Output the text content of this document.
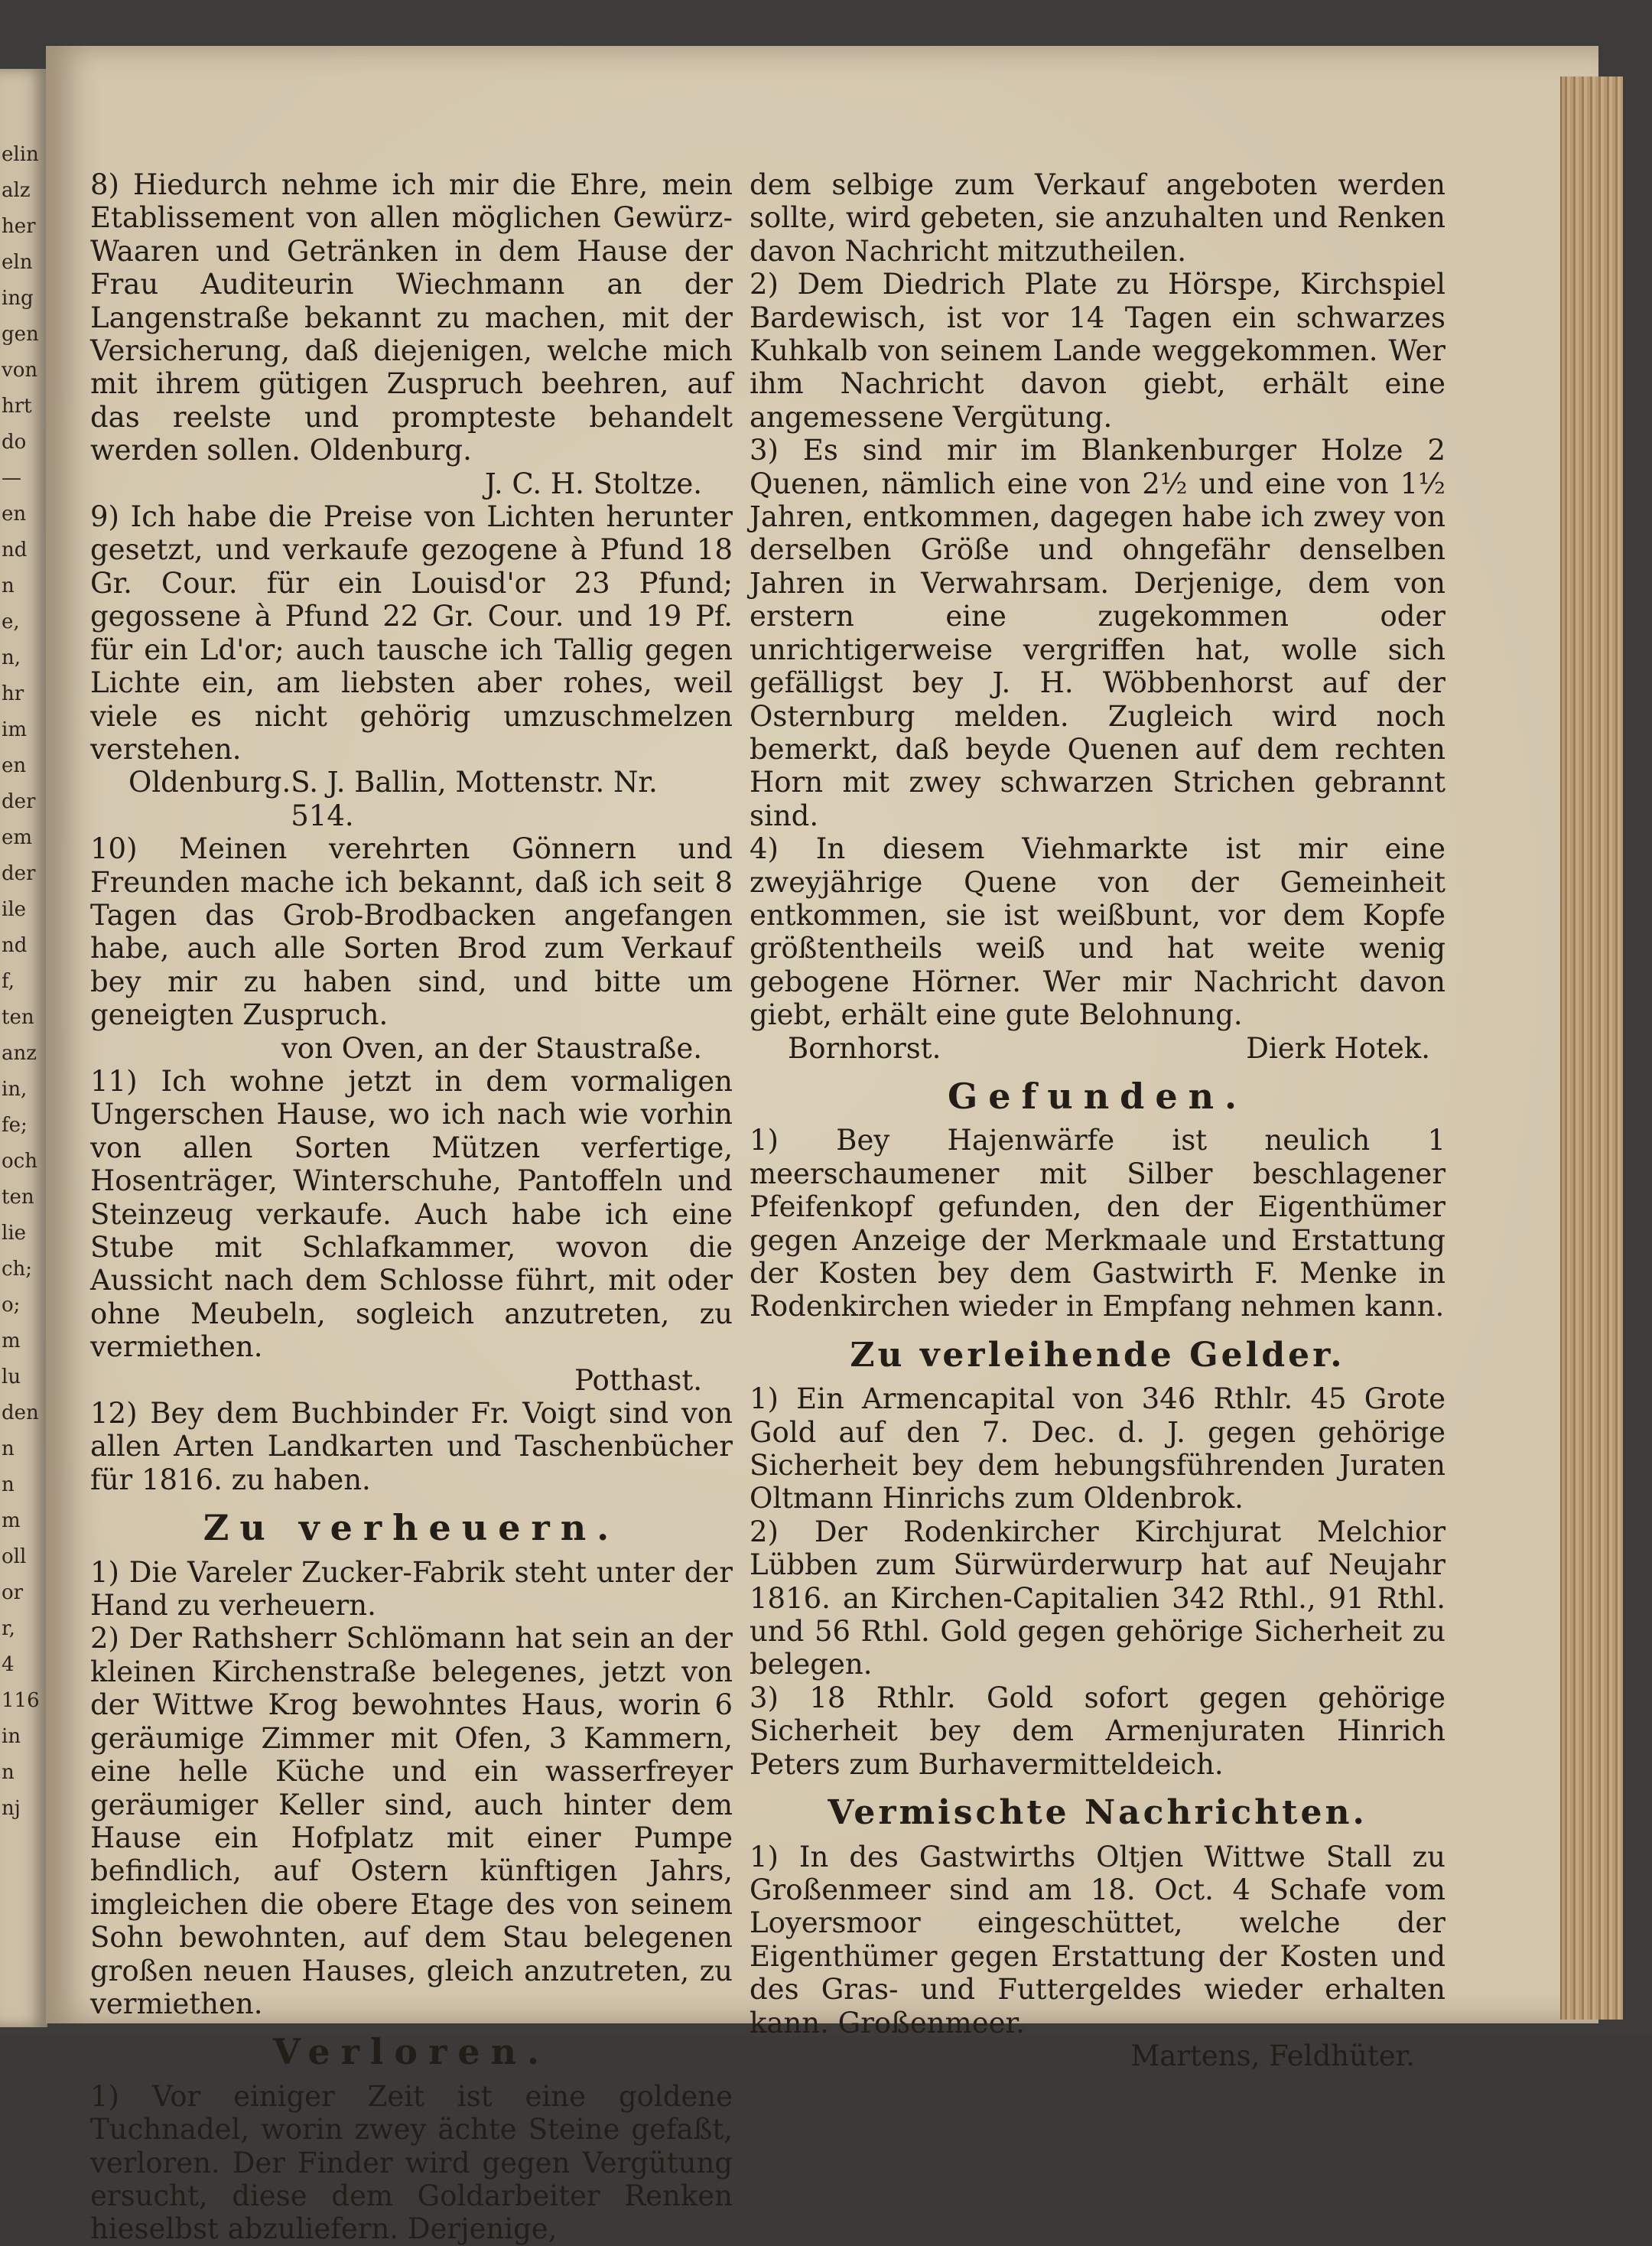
elin
alz
her
eln
ing
gen
von
hrt
do
—
en
nd
n
e,
n,
hr
im
en
der
em
der
ile
nd
f,
ten
anz
in,
fe;
och
ten
lie
ch;
o;
m
lu
den
n
n
m
oll
or
r,
4
116
in
n
nj

8) Hiedurch nehme ich mir die Ehre, mein Etablissement von allen möglichen Gewürz-Waaren und Getränken in dem Hause der Frau Auditeurin Wiechmann an der Langenstraße bekannt zu machen, mit der Versicherung, daß diejenigen, welche mich mit ihrem gütigen Zuspruch beehren, auf das reelste und prompteste behandelt werden sollen. Oldenburg.

J. C. H. Stoltze.

9) Ich habe die Preise von Lichten herunter gesetzt, und verkaufe gezogene à Pfund 18 Gr. Cour. für ein Louisd'or 23 Pfund; gegossene à Pfund 22 Gr. Cour. und 19 Pf. für ein Ld'or; auch tausche ich Tallig gegen Lichte ein, am liebsten aber rohes, weil viele es nicht gehörig umzuschmelzen verstehen.

Oldenburg. S. J. Ballin, Mottenstr. Nr. 514.

10) Meinen verehrten Gönnern und Freunden mache ich bekannt, daß ich seit 8 Tagen das Grob-Brodbacken angefangen habe, auch alle Sorten Brod zum Verkauf bey mir zu haben sind, und bitte um geneigten Zuspruch.

von Oven, an der Staustraße.

11) Ich wohne jetzt in dem vormaligen Ungerschen Hause, wo ich nach wie vorhin von allen Sorten Mützen verfertige, Hosenträger, Winterschuhe, Pantoffeln und Steinzeug verkaufe. Auch habe ich eine Stube mit Schlafkammer, wovon die Aussicht nach dem Schlosse führt, mit oder ohne Meubeln, sogleich anzutreten, zu vermiethen.

Potthast.

12) Bey dem Buchbinder Fr. Voigt sind von allen Arten Landkarten und Taschenbücher für 1816. zu haben.

Zu verheuern.

1) Die Vareler Zucker-Fabrik steht unter der Hand zu verheuern.

2) Der Rathsherr Schlömann hat sein an der kleinen Kirchenstraße belegenes, jetzt von der Wittwe Krog bewohntes Haus, worin 6 geräumige Zimmer mit Ofen, 3 Kammern, eine helle Küche und ein wasserfreyer geräumiger Keller sind, auch hinter dem Hause ein Hofplatz mit einer Pumpe befindlich, auf Ostern künftigen Jahrs, imgleichen die obere Etage des von seinem Sohn bewohnten, auf dem Stau belegenen großen neuen Hauses, gleich anzutreten, zu vermiethen.

Verloren.

1) Vor einiger Zeit ist eine goldene Tuchnadel, worin zwey ächte Steine gefaßt, verloren. Der Finder wird gegen Vergütung ersucht, diese dem Goldarbeiter Renken hieselbst abzuliefern. Derjenige,

dem selbige zum Verkauf angeboten werden sollte, wird gebeten, sie anzuhalten und Renken davon Nachricht mitzutheilen.

2) Dem Diedrich Plate zu Hörspe, Kirchspiel Bardewisch, ist vor 14 Tagen ein schwarzes Kuhkalb von seinem Lande weggekommen. Wer ihm Nachricht davon giebt, erhält eine angemessene Vergütung.

3) Es sind mir im Blankenburger Holze 2 Quenen, nämlich eine von 2½ und eine von 1½ Jahren, entkommen, dagegen habe ich zwey von derselben Größe und ohngefähr denselben Jahren in Verwahrsam. Derjenige, dem von erstern eine zugekommen oder unrichtigerweise vergriffen hat, wolle sich gefälligst bey J. H. Wöbbenhorst auf der Osternburg melden. Zugleich wird noch bemerkt, daß beyde Quenen auf dem rechten Horn mit zwey schwarzen Strichen gebrannt sind.

4) In diesem Viehmarkte ist mir eine zweyjährige Quene von der Gemeinheit entkommen, sie ist weißbunt, vor dem Kopfe größtentheils weiß und hat weite wenig gebogene Hörner. Wer mir Nachricht davon giebt, erhält eine gute Belohnung.

Bornhorst.	Dierk Hotek.
Gefunden.

1) Bey Hajenwärfe ist neulich 1 meerschaumener mit Silber beschlagener Pfeifenkopf gefunden, den der Eigenthümer gegen Anzeige der Merkmaale und Erstattung der Kosten bey dem Gastwirth F. Menke in Rodenkirchen wieder in Empfang nehmen kann.

Zu verleihende Gelder.

1) Ein Armencapital von 346 Rthlr. 45 Grote Gold auf den 7. Dec. d. J. gegen gehörige Sicherheit bey dem hebungsführenden Juraten Oltmann Hinrichs zum Oldenbrok.

2) Der Rodenkircher Kirchjurat Melchior Lübben zum Sürwürderwurp hat auf Neujahr 1816. an Kirchen-Capitalien 342 Rthl., 91 Rthl. und 56 Rthl. Gold gegen gehörige Sicherheit zu belegen.

3) 18 Rthlr. Gold sofort gegen gehörige Sicherheit bey dem Armenjuraten Hinrich Peters zum Burhavermitteldeich.

Vermischte Nachrichten.

1) In des Gastwirths Oltjen Wittwe Stall zu Großenmeer sind am 18. Oct. 4 Schafe vom Loyersmoor eingeschüttet, welche der Eigenthümer gegen Erstattung der Kosten und des Gras- und Futtergeldes wieder erhalten kann. Großenmeer.

Martens, Feldhüter.
